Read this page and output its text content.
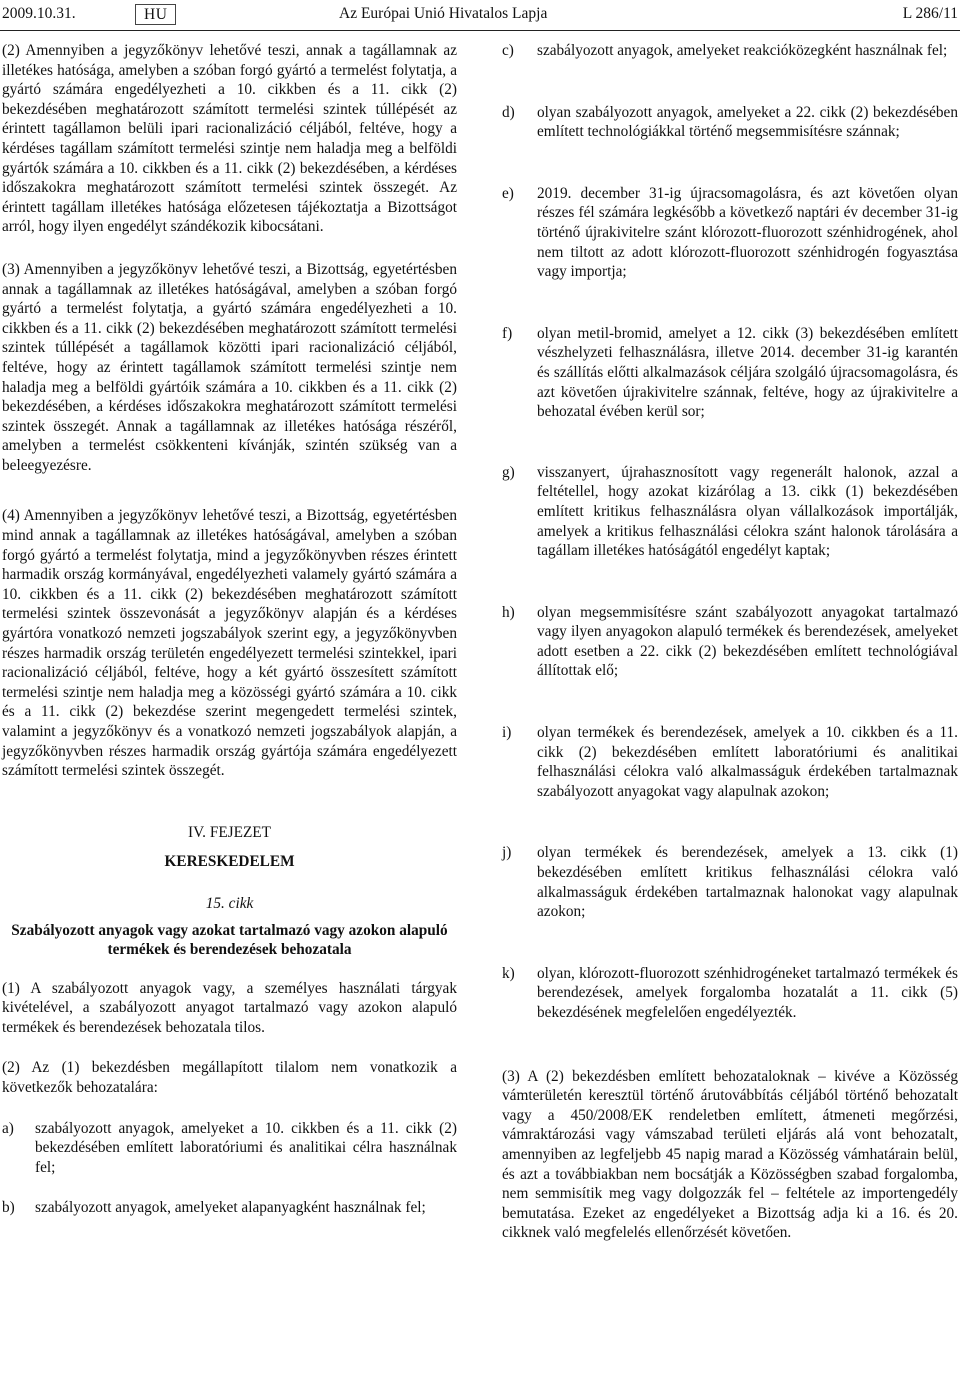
2009.10.31.	HU	Az Európai Unió Hivatalos Lapja	L 286/11

(2) Amennyiben a jegyzőkönyv lehetővé teszi, annak a tagállamnak az illetékes hatósága, amelyben a szóban forgó gyártó a termelést folytatja, a gyártó számára engedélyezheti a 10. cikkben és a 11. cikk (2) bekezdésében meghatározott számított termelési szintek túllépését az érintett tagállamon belüli ipari racionalizáció céljából, feltéve, hogy a kérdéses tagállam számított termelési szintje nem haladja meg a belföldi gyártók számára a 10. cikkben és a 11. cikk (2) bekezdésében, a kérdéses időszakokra meghatározott számított termelési szintek összegét. Az érintett tagállam illetékes hatósága előzetesen tájékoztatja a Bizottságot arról, hogy ilyen engedélyt szándékozik kibocsátani.

(3) Amennyiben a jegyzőkönyv lehetővé teszi, a Bizottság, egyetértésben annak a tagállamnak az illetékes hatóságával, amelyben a szóban forgó gyártó a termelést folytatja, a gyártó számára engedélyezheti a 10. cikkben és a 11. cikk (2) bekezdésében meghatározott számított termelési szintek túllépését a tagállamok közötti ipari racionalizáció céljából, feltéve, hogy az érintett tagállamok számított termelési szintje nem haladja meg a belföldi gyártóik számára a 10. cikkben és a 11. cikk (2) bekezdésében, a kérdéses időszakokra meghatározott számított termelési szintek összegét. Annak a tagállamnak az illetékes hatósága részéről, amelyben a termelést csökkenteni kívánják, szintén szükség van a beleegyezésre.

(4) Amennyiben a jegyzőkönyv lehetővé teszi, a Bizottság, egyetértésben mind annak a tagállamnak az illetékes hatóságával, amelyben a szóban forgó gyártó a termelést folytatja, mind a jegyzőkönyvben részes érintett harmadik ország kormányával, engedélyezheti valamely gyártó számára a 10. cikkben és a 11. cikk (2) bekezdésében meghatározott számított termelési szintek összevonását a jegyzőkönyv alapján és a kérdéses gyártóra vonatkozó nemzeti jogszabályok szerint egy, a jegyzőkönyvben részes harmadik ország területén engedélyezett termelési szintekkel, ipari racionalizáció céljából, feltéve, hogy a két gyártó összesített számított termelési szintje nem haladja meg a közösségi gyártó számára a 10. cikk és a 11. cikk (2) bekezdése szerint megengedett termelési szintek, valamint a jegyzőkönyv és a vonatkozó nemzeti jogszabályok alapján, a jegyzőkönyvben részes harmadik ország gyártója számára engedélyezett számított termelési szintek összegét.

IV. FEJEZET
KERESKEDELEM
15. cikk
Szabályozott anyagok vagy azokat tartalmazó vagy azokon alapuló termékek és berendezések behozatala

(1) A szabályozott anyagok vagy, a személyes használati tárgyak kivételével, a szabályozott anyagot tartalmazó vagy azokon alapuló termékek és berendezések behozatala tilos.

(2) Az (1) bekezdésben megállapított tilalom nem vonatkozik a következők behozatalára:

a)	szabályozott anyagok, amelyeket a 10. cikkben és a 11. cikk (2) bekezdésében említett laboratóriumi és analitikai célra használnak fel;
b)	szabályozott anyagok, amelyeket alapanyagként használnak fel;
c)	szabályozott anyagok, amelyeket reakcióközegként használnak fel;
d)	olyan szabályozott anyagok, amelyeket a 22. cikk (2) bekezdésében említett technológiákkal történő megsemmisítésre szánnak;
e)	2019. december 31-ig újracsomagolásra, és azt követően olyan részes fél számára legkésőbb a következő naptári év december 31-ig történő újrakivitelre szánt klórozott-fluorozott szénhidrogének, ahol nem tiltott az adott klórozott-fluorozott szénhidrogén fogyasztása vagy importja;
f)	olyan metil-bromid, amelyet a 12. cikk (3) bekezdésében említett vészhelyzeti felhasználásra, illetve 2014. december 31-ig karantén és szállítás előtti alkalmazások céljára szolgáló újracsomagolásra, és azt követően újrakivitelre szánnak, feltéve, hogy az újrakivitelre a behozatal évében kerül sor;
g)	visszanyert, újrahasznosított vagy regenerált halonok, azzal a feltétellel, hogy azokat kizárólag a 13. cikk (1) bekezdésében említett kritikus felhasználásra olyan vállalkozások importálják, amelyek a kritikus felhasználási célokra szánt halonok tárolására a tagállam illetékes hatóságától engedélyt kaptak;
h)	olyan megsemmisítésre szánt szabályozott anyagokat tartalmazó vagy ilyen anyagokon alapuló termékek és berendezések, amelyeket adott esetben a 22. cikk (2) bekezdésében említett technológiával állítottak elő;
i)	olyan termékek és berendezések, amelyek a 10. cikkben és a 11. cikk (2) bekezdésében említett laboratóriumi és analitikai felhasználási célokra való alkalmasságuk érdekében tartalmaznak szabályozott anyagokat vagy alapulnak azokon;
j)	olyan termékek és berendezések, amelyek a 13. cikk (1) bekezdésében említett kritikus felhasználási célokra való alkalmasságuk érdekében tartalmaznak halonokat vagy alapulnak azokon;
k)	olyan, klórozott-fluorozott szénhidrogéneket tartalmazó termékek és berendezések, amelyek forgalomba hozatalát a 11. cikk (5) bekezdésének megfelelően engedélyezték.

(3) A (2) bekezdésben említett behozataloknak – kivéve a Közösség vámterületén keresztül történő árutovábbítás céljából történő behozatalt vagy a 450/2008/EK rendeletben említett, átmeneti megőrzési, vámraktározási vagy vámszabad területi eljárás alá vont behozatalt, amennyiben az legfeljebb 45 napig marad a Közösség vámhatárain belül, és azt a továbbiakban nem bocsátják a Közösségben szabad forgalomba, nem semmisítik meg vagy dolgozzák fel – feltétele az importengedély bemutatása. Ezeket az engedélyeket a Bizottság adja ki a 16. és 20. cikknek való megfelelés ellenőrzését követően.
